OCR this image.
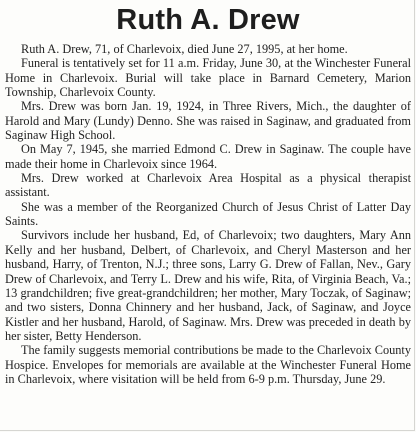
Ruth A. Drew

Ruth A. Drew, 71, of Charlevoix, died June 27, 1995, at her home.

Funeral is tentatively set for 11 a.m. Friday, June 30, at the Winchester Funeral Home in Charlevoix. Burial will take place in Barnard Cemetery, Marion Township, Charlevoix County.

Mrs. Drew was born Jan. 19, 1924, in Three Rivers, Mich., the daughter of Harold and Mary (Lundy) Denno. She was raised in Saginaw, and graduated from Saginaw High School.

On May 7, 1945, she married Edmond C. Drew in Saginaw. The couple have made their home in Charlevoix since 1964.

Mrs. Drew worked at Charlevoix Area Hospital as a physical therapist assistant.

She was a member of the Reorganized Church of Jesus Christ of Latter Day Saints.

Survivors include her husband, Ed, of Charlevoix; two daughters, Mary Ann Kelly and her husband, Delbert, of Charlevoix, and Cheryl Masterson and her husband, Harry, of Trenton, N.J.; three sons, Larry G. Drew of Fallan, Nev., Gary Drew of Charlevoix, and Terry L. Drew and his wife, Rita, of Virginia Beach, Va.; 13 grandchildren; five great-grandchildren; her mother, Mary Toczak, of Saginaw; and two sisters, Donna Chinnery and her husband, Jack, of Saginaw, and Joyce Kistler and her husband, Harold, of Saginaw. Mrs. Drew was preceded in death by her sister, Betty Henderson.

The family suggests memorial contributions be made to the Charlevoix County Hospice. Envelopes for memorials are available at the Winchester Funeral Home in Charlevoix, where visitation will be held from 6-9 p.m. Thursday, June 29.
